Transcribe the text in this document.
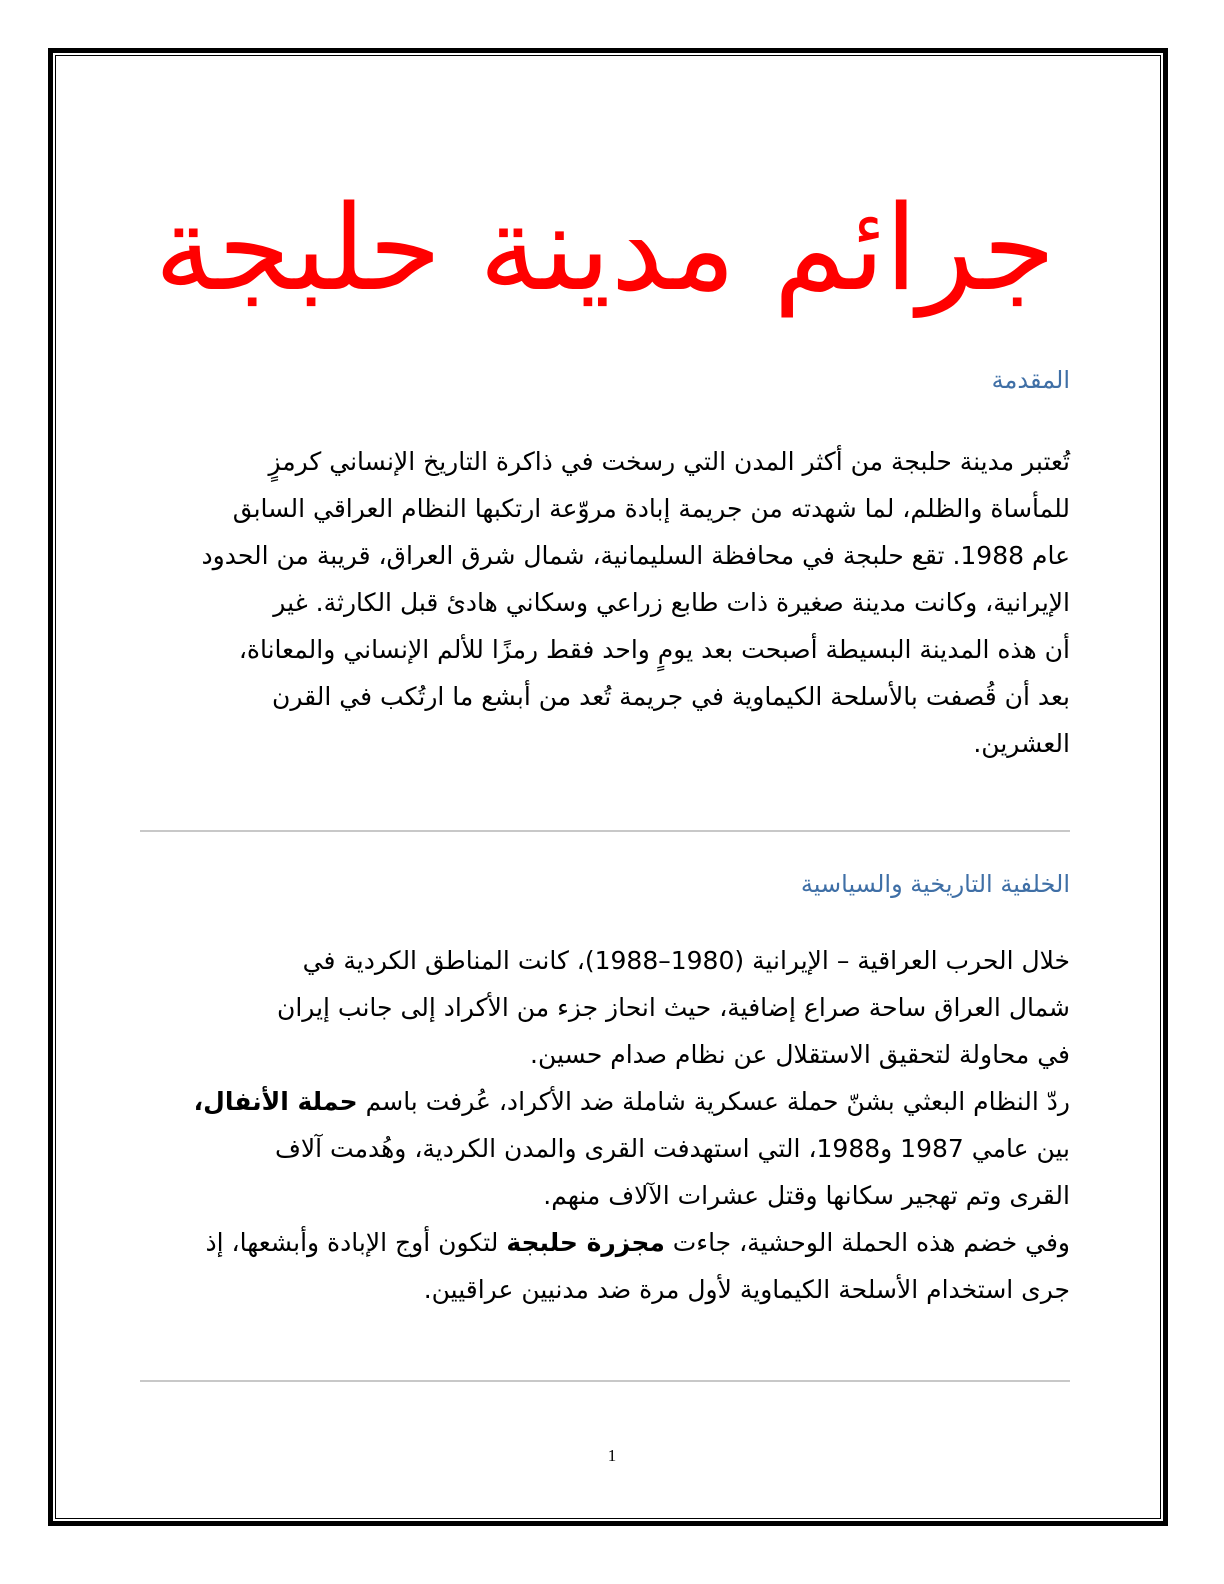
جرائم مدينة حلبجة
المقدمة
تُعتبر مدينة حلبجة من أكثر المدن التي رسخت في ذاكرة التاريخ الإنساني كرمزٍ
للمأساة والظلم، لما شهدته من جريمة إبادة مروّعة ارتكبها النظام العراقي السابق
عام 1988. تقع حلبجة في محافظة السليمانية، شمال شرق العراق، قريبة من الحدود
الإيرانية، وكانت مدينة صغيرة ذات طابع زراعي وسكاني هادئ قبل الكارثة. غير
أن هذه المدينة البسيطة أصبحت بعد يومٍ واحد فقط رمزًا للألم الإنساني والمعاناة،
بعد أن قُصفت بالأسلحة الكيماوية في جريمة تُعد من أبشع ما ارتُكب في القرن
العشرين.
الخلفية التاريخية والسياسية
خلال الحرب العراقية – الإيرانية (1980–1988)، كانت المناطق الكردية في
شمال العراق ساحة صراع إضافية، حيث انحاز جزء من الأكراد إلى جانب إيران
في محاولة لتحقيق الاستقلال عن نظام صدام حسين.
ردّ النظام البعثي بشنّ حملة عسكرية شاملة ضد الأكراد، عُرفت باسم حملة الأنفال،
بين عامي 1987 و1988، التي استهدفت القرى والمدن الكردية، وهُدمت آلاف
القرى وتم تهجير سكانها وقتل عشرات الآلاف منهم.
وفي خضم هذه الحملة الوحشية، جاءت مجزرة حلبجة لتكون أوج الإبادة وأبشعها، إذ
جرى استخدام الأسلحة الكيماوية لأول مرة ضد مدنيين عراقيين.
1
